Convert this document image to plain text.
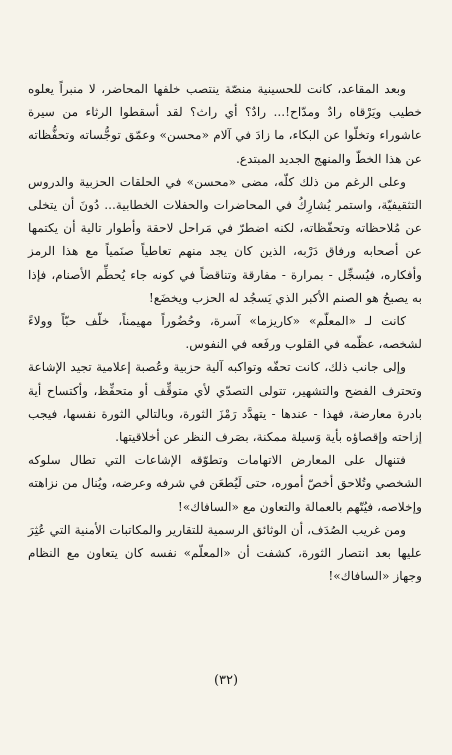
وبعد المقاعد، كانت للحسينية منصّة ينتصب خلفها المحاضر، لا منبراً يعلوه خطيب ويَرْقاه رادٌ ومدّاح!... رادٌ؟ أي راث؟ لقد أسقطوا الرثاء من سيرة عاشوراء وتخلّوا عن البكاء، ما زادَ في آلام «محسن» وعمّق توجُّساته وتحفُّظاته عن هذا الخطّ والمنهج الجديد المبتدع.

وعلى الرغم من ذلك كلّه، مضى «محسن» في الحلقات الحزبية والدروس التثقيفيّة، واستمر يُشارِكُ في المحاضرات والحفلات الخطابية... دُونَ أن يتخلى عن مُلاحظاته وتحفّظاته، لكنه اضطرّ في مَراحل لاحقة وأطوار تالية أن يكتمها عن أصحابه ورفاق دَرْبه، الذين كان يجد منهم تعاطياً صنَمياً مع هذا الرمز وأفكاره، فيُسجِّل - بمرارة - مفارقة وتناقضاً في كونه جاء يُحطِّم الأصنام، فإذا به يصبحُ هو الصنم الأكبر الذي يَسجُد له الحزب ويخضَع!

كانت لـ «المعلّم» «كاريزما» آسرة، وحُضُوراً مهيمناً، خلّف حبّاً وولاءً لشخصه، عظّمه في القلوب ورفَعه في النفوس.

وإلى جانب ذلك، كانت تحفّه وتواكبه آلية حزبية وعُصبة إعلامية تجيد الإشاعة وتحترف الفضح والتشهير، تتولى التصدّي لأي متوقِّف أو متحفِّظ، وأكتساح أية بادرة معارضة، فهذا - عندها - يتهدَّد رَمْزَ الثورة، وبالتالي الثورة نفسها، فيجب إزاحته وإقصاؤه بأية وَسيلة ممكنة، بصَرف النظر عن أخلاقيتها.

فتنهال على المعارض الاتهامات وتطوّقه الإشاعات التي تطال سلوكه الشخصي وتُلاحق أخصّ أموره، حتى لَيُطعَن في شرفه وعرضه، ويُنال من نزاهته وإخلاصه، فيُتّهم بالعمالة والتعاون مع «السافاك»!

ومن غريب الصُدَف، أن الوثائق الرسمية للتقارير والمكاتبات الأمنية التي عُثِرَ عليها بعد انتصار الثورة، كشفت أن «المعلّم» نفسه كان يتعاون مع النظام وجهاز «السافاك»!

(٣٢)
